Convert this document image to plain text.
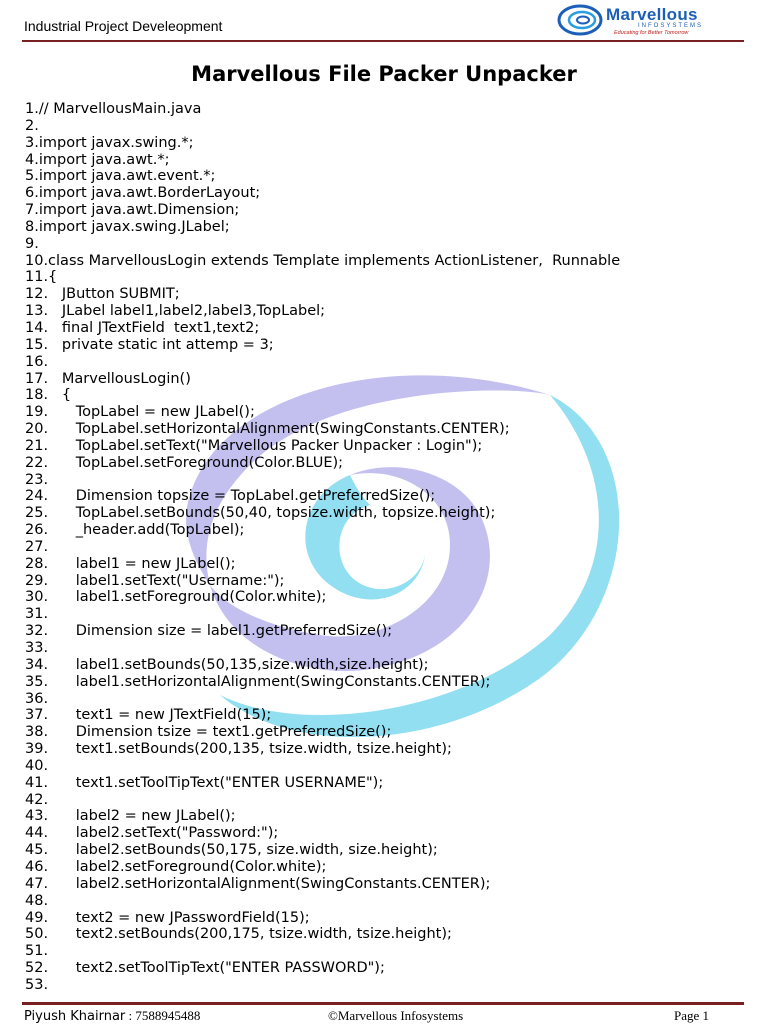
Industrial Project Develeopment
Marvellous
INFOSYSTEMS
Educating for Better Tomorrow
Marvellous File Packer Unpacker
1.// MarvellousMain.java
2.
3.import javax.swing.*;
4.import java.awt.*;
5.import java.awt.event.*;
6.import java.awt.BorderLayout;
7.import java.awt.Dimension;
8.import javax.swing.JLabel;
9.
10.class MarvellousLogin extends Template implements ActionListener,  Runnable
11.{
12.   JButton SUBMIT;
13.   JLabel label1,label2,label3,TopLabel;
14.   final JTextField  text1,text2;
15.   private static int attemp = 3;
16.
17.   MarvellousLogin()
18.   {
19.      TopLabel = new JLabel();
20.      TopLabel.setHorizontalAlignment(SwingConstants.CENTER);
21.      TopLabel.setText("Marvellous Packer Unpacker : Login");
22.      TopLabel.setForeground(Color.BLUE);
23.
24.      Dimension topsize = TopLabel.getPreferredSize();
25.      TopLabel.setBounds(50,40, topsize.width, topsize.height);
26.      _header.add(TopLabel);
27.
28.      label1 = new JLabel();
29.      label1.setText("Username:");
30.      label1.setForeground(Color.white);
31.
32.      Dimension size = label1.getPreferredSize();
33.
34.      label1.setBounds(50,135,size.width,size.height);
35.      label1.setHorizontalAlignment(SwingConstants.CENTER);
36.
37.      text1 = new JTextField(15);
38.      Dimension tsize = text1.getPreferredSize();
39.      text1.setBounds(200,135, tsize.width, tsize.height);
40.
41.      text1.setToolTipText("ENTER USERNAME");
42.
43.      label2 = new JLabel();
44.      label2.setText("Password:");
45.      label2.setBounds(50,175, size.width, size.height);
46.      label2.setForeground(Color.white);
47.      label2.setHorizontalAlignment(SwingConstants.CENTER);
48.
49.      text2 = new JPasswordField(15);
50.      text2.setBounds(200,175, tsize.width, tsize.height);
51.
52.      text2.setToolTipText("ENTER PASSWORD");
53.
Piyush Khairnar : 7588945488	©Marvellous Infosystems	Page 1
